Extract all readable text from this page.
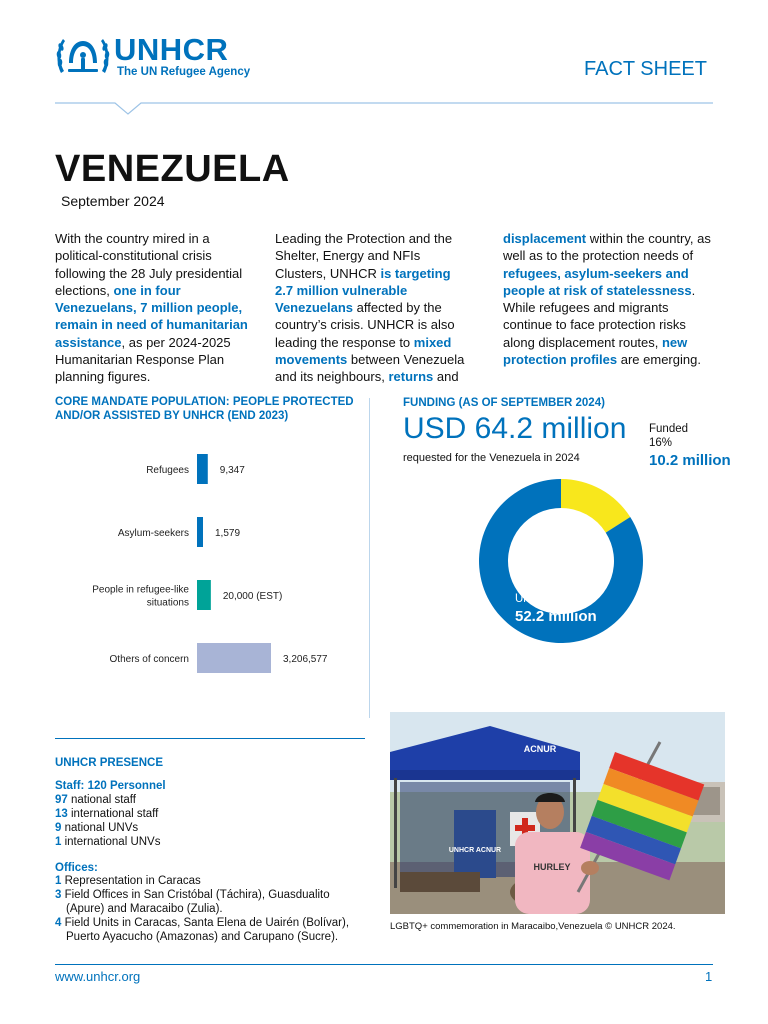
UNHCR
The UN Refugee Agency	FACT SHEET
VENEZUELA
September 2024
With the country mired in a political-constitutional crisis following the 28 July presidential elections, one in four Venezuelans, 7 million people, remain in need of humanitarian assistance, as per 2024-2025 Humanitarian Response Plan planning figures.
Leading the Protection and the Shelter, Energy and NFIs Clusters, UNHCR is targeting 2.7 million vulnerable Venezuelans affected by the country’s crisis. UNHCR is also leading the response to mixed movements between Venezuela and its neighbours, returns and
displacement within the country, as well as to the protection needs of refugees, asylum-seekers and people at risk of statelessness. While refugees and migrants continue to face protection risks along displacement routes, new protection profiles are emerging.
CORE MANDATE POPULATION: PEOPLE PROTECTED AND/OR ASSISTED BY UNHCR (END 2023)
FUNDING (AS OF SEPTEMBER 2024)
Refugees	9,347
Asylum-seekers	1,579
People in refugee-like
situations
20,000 (EST)
Others of concern	3,206,577
USD 64.2 million
requested for the Venezuela in 2024
Funded
16%
10.2 million
Unfunded 84%
52.2 million
UNHCR PRESENCE
Staff: 120 Personnel
97 national staff
13 international staff
9 national UNVs
1 international UNVs
Offices:
1 Representation in Caracas
3 Field Offices in San Cristóbal (Táchira), Guasdualito (Apure) and Maracaibo (Zulia).
4 Field Units in Caracas, Santa Elena de Uairén (Bolívar), Puerto Ayacucho (Amazonas) and Carupano (Sucre).
ACNUR
UNHCR ACNUR
HURLEY
LGBTQ+ commemoration in Maracaibo,Venezuela © UNHCR 2024.
www.unhcr.org	1
